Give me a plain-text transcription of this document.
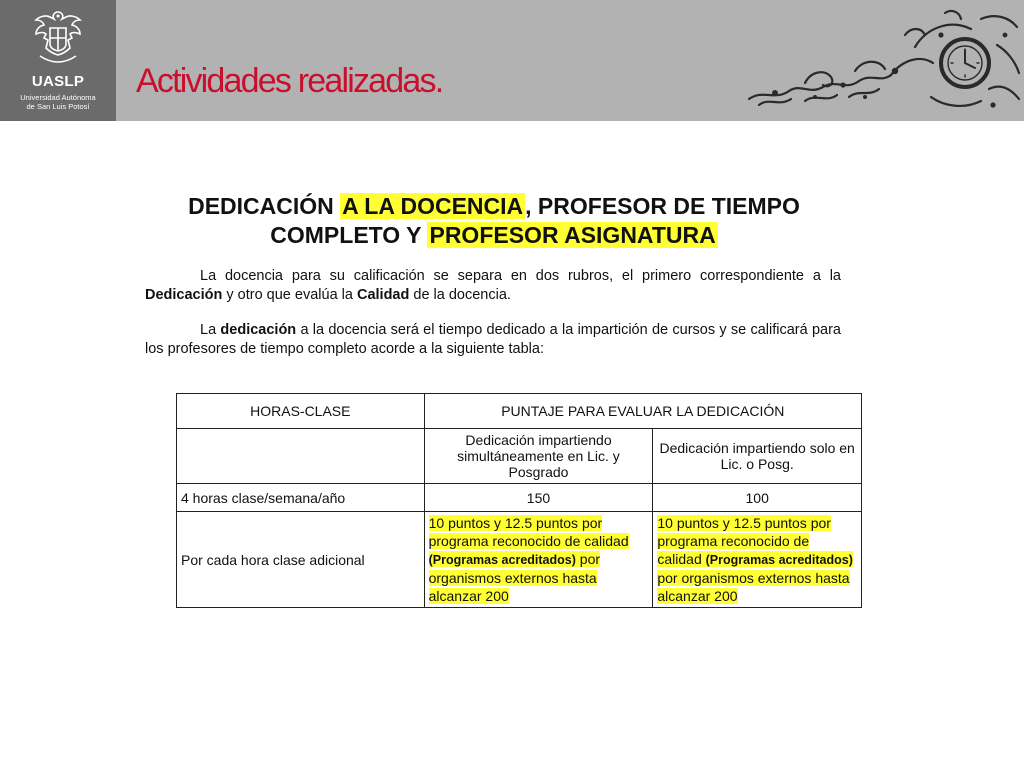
UASLP
Universidad Autónoma
de San Luis Potosí
Actividades realizadas.
DEDICACIÓN A LA DOCENCIA, PROFESOR DE TIEMPO COMPLETO Y PROFESOR ASIGNATURA
La docencia para su calificación se separa en dos rubros, el primero correspondiente a la Dedicación y otro que evalúa la Calidad de la docencia.
La dedicación a la docencia será el tiempo dedicado a la impartición de cursos y se calificará para los profesores de tiempo completo acorde a la siguiente tabla:
HORAS-CLASE	PUNTAJE PARA EVALUAR LA DEDICACIÓN	
	Dedicación impartiendo simultáneamente en Lic. y Posgrado	Dedicación impartiendo solo en Lic. o Posg.
4 horas clase/semana/año	150	100
Por cada hora clase adicional	10 puntos y 12.5 puntos por programa reconocido de calidad (Programas acreditados) por organismos externos hasta alcanzar 200	10 puntos y 12.5 puntos por programa reconocido de calidad (Programas acreditados) por organismos externos hasta alcanzar 200
